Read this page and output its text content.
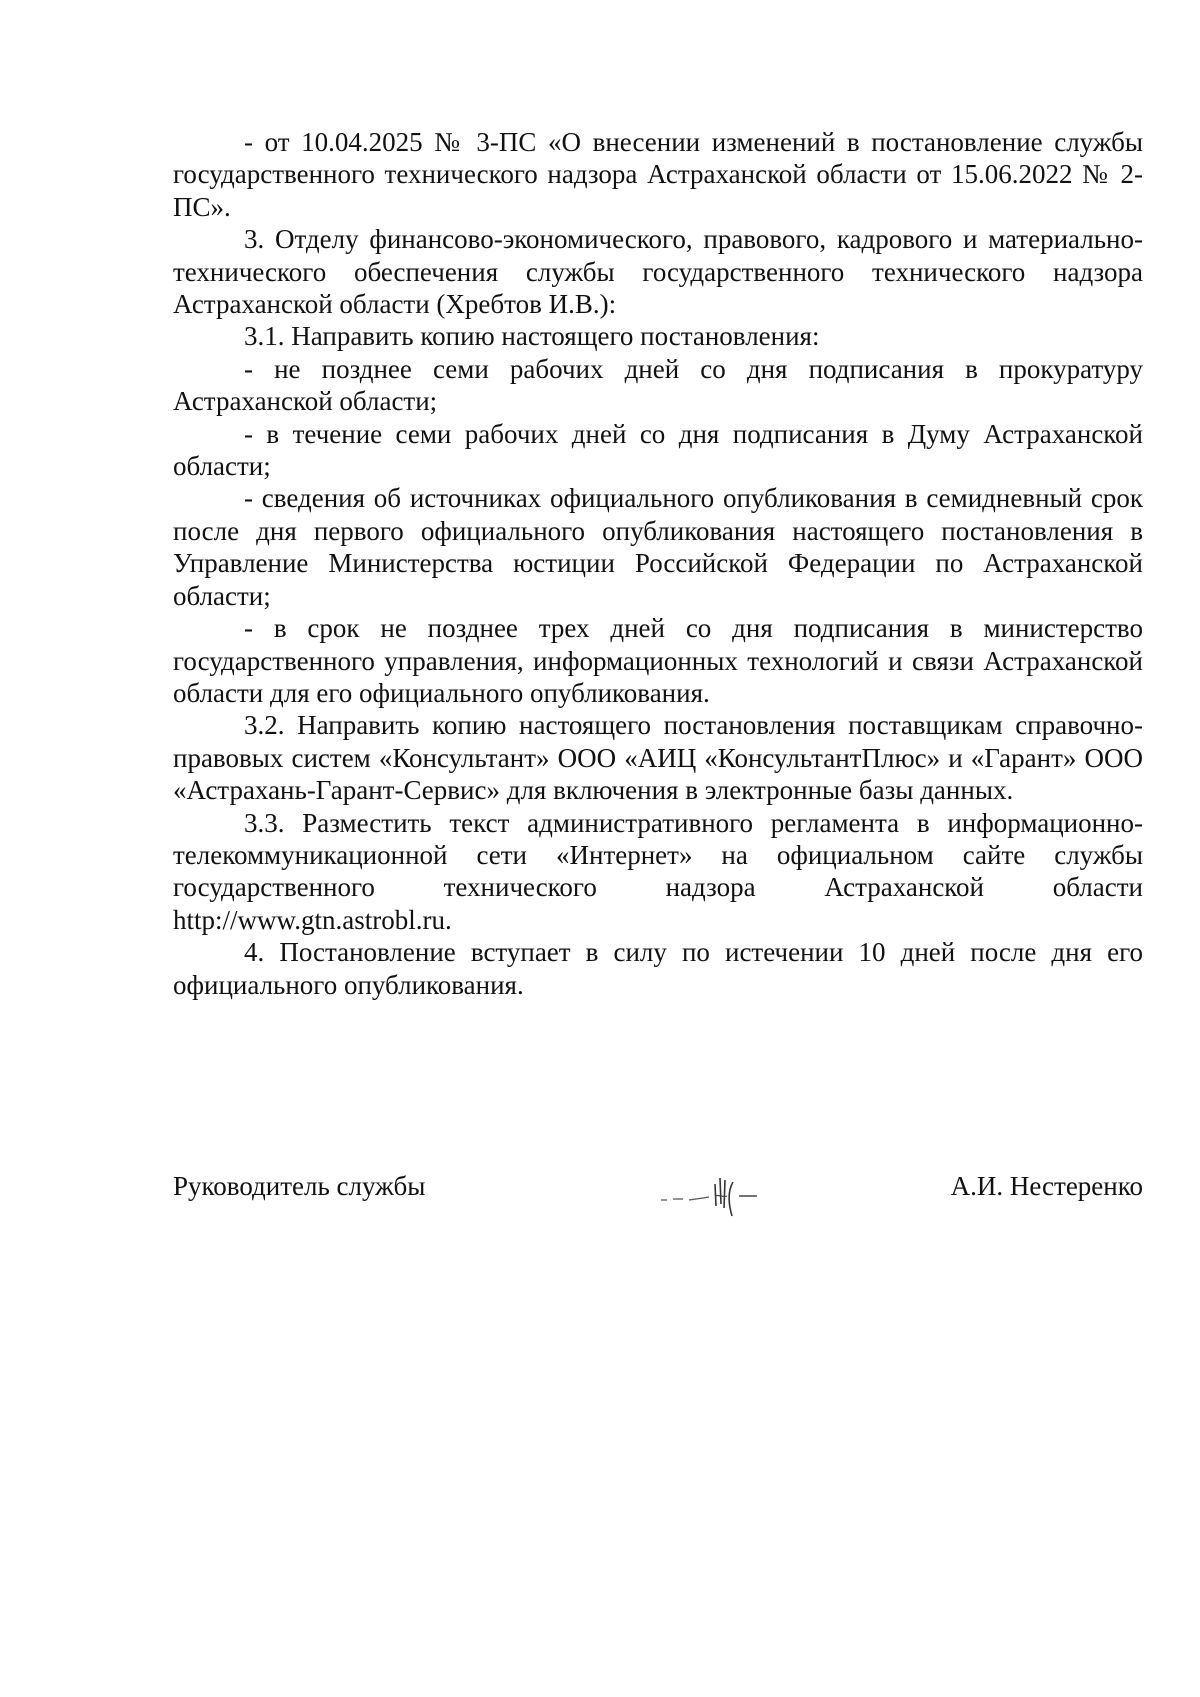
- от 10.04.2025 № 3-ПС «О внесении изменений в постановление службы государственного технического надзора Астраханской области от 15.06.2022 № 2-ПС».

3. Отделу финансово-экономического, правового, кадрового и материально-технического обеспечения службы государственного технического надзора Астраханской области (Хребтов И.В.):

3.1. Направить копию настоящего постановления:

- не позднее семи рабочих дней со дня подписания в прокуратуру Астраханской области;

- в течение семи рабочих дней со дня подписания в Думу Астраханской области;

- сведения об источниках официального опубликования в семидневный срок после дня первого официального опубликования настоящего постановления в Управление Министерства юстиции Российской Федерации по Астраханской области;

- в срок не позднее трех дней со дня подписания в министерство государственного управления, информационных технологий и связи Астраханской области для его официального опубликования.

3.2. Направить копию настоящего постановления поставщикам справочно-правовых систем «Консультант» ООО «АИЦ «КонсультантПлюс» и «Гарант» ООО «Астрахань-Гарант-Сервис» для включения в электронные базы данных.

3.3. Разместить текст административного регламента в информационно-телекоммуникационной сети «Интернет» на официальном сайте службы государственного технического надзора Астраханской области http://www.gtn.astrobl.ru.

4. Постановление вступает в силу по истечении 10 дней после дня его официального опубликования.

Руководитель службы	А.И. Нестеренко
